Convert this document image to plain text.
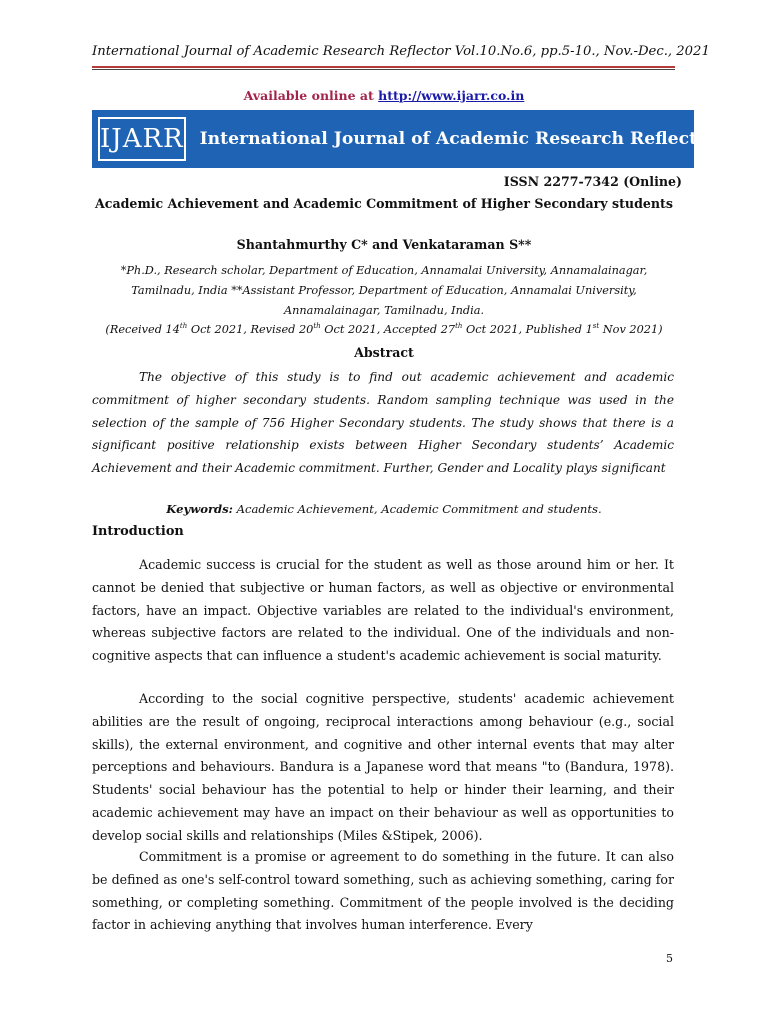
International Journal of Academic Research Reflector Vol.10.No.6, pp.5-10., Nov.-Dec., 2021
Available online at http://www.ijarr.co.in
IJARR International Journal of Academic Research Reflector
ISSN 2277-7342 (Online)
Academic Achievement and Academic Commitment of Higher Secondary students
Shantahmurthy C* and Venkataraman S**
*Ph.D., Research scholar, Department of Education, Annamalai University, Annamalainagar, Tamilnadu, India **Assistant Professor, Department of Education, Annamalai University, Annamalainagar, Tamilnadu, India.
(Received 14th Oct 2021, Revised 20th Oct 2021, Accepted 27th Oct 2021, Published 1st Nov 2021)
Abstract
The objective of this study is to find out academic achievement and academic commitment of higher secondary students. Random sampling technique was used in the selection of the sample of 756 Higher Secondary students. The study shows that there is a significant positive relationship exists between Higher Secondary students’ Academic Achievement and their Academic commitment. Further, Gender and Locality plays significant
Keywords: Academic Achievement, Academic Commitment and students.
Introduction
Academic success is crucial for the student as well as those around him or her. It cannot be denied that subjective or human factors, as well as objective or environmental factors, have an impact. Objective variables are related to the individual's environment, whereas subjective factors are related to the individual. One of the individuals and non-cognitive aspects that can influence a student's academic achievement is social maturity.
According to the social cognitive perspective, students' academic achievement abilities are the result of ongoing, reciprocal interactions among behaviour (e.g., social skills), the external environment, and cognitive and other internal events that may alter perceptions and behaviours. Bandura is a Japanese word that means "to (Bandura, 1978). Students' social behaviour has the potential to help or hinder their learning, and their academic achievement may have an impact on their behaviour as well as opportunities to develop social skills and relationships (Miles &Stipek, 2006).
Commitment is a promise or agreement to do something in the future. It can also be defined as one's self-control toward something, such as achieving something, caring for something, or completing something. Commitment of the people involved is the deciding factor in achieving anything that involves human interference. Every
5
